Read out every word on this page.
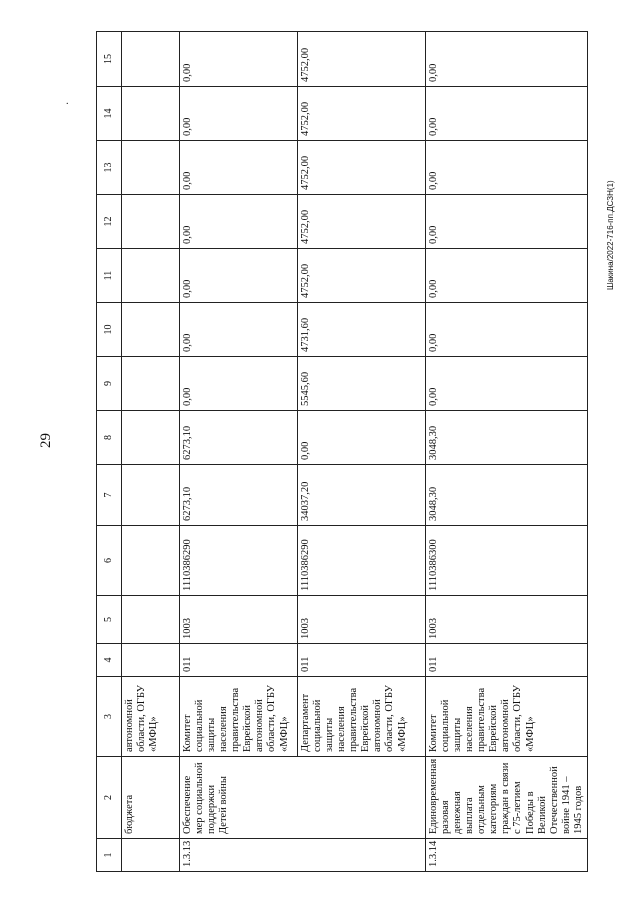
29
Шакина/2022-716-пп.ДСЗН(1)
.
1	2	3	4	5	6	7	8	9	10	11	12	13	14	15
	бюджета	автономной области, ОГБУ «МФЦ»												
1.3.13	Обеспечение мер социальной поддержки Детей войны	Комитет социальной защиты населения правительства Еврейской автономной области, ОГБУ «МФЦ»	011	1003	1110386290	6273,10	6273,10	0,00	0,00	0,00	0,00	0,00	0,00	0,00
		Департамент социальной защиты населения правительства Еврейской автономной области, ОГБУ «МФЦ»	011	1003	1110386290	34037,20	0,00	5545,60	4731,60	4752,00	4752,00	4752,00	4752,00	4752,00
1.3.14	Единовременная разовая денежная выплата отдельным категориям граждан в связи с 75-летием Победы в Великой Отечественной войне 1941 – 1945 годов	Комитет социальной защиты населения правительства Еврейской автономной области, ОГБУ «МФЦ»	011	1003	1110386300	3048,30	3048,30	0,00	0,00	0,00	0,00	0,00	0,00	0,00
